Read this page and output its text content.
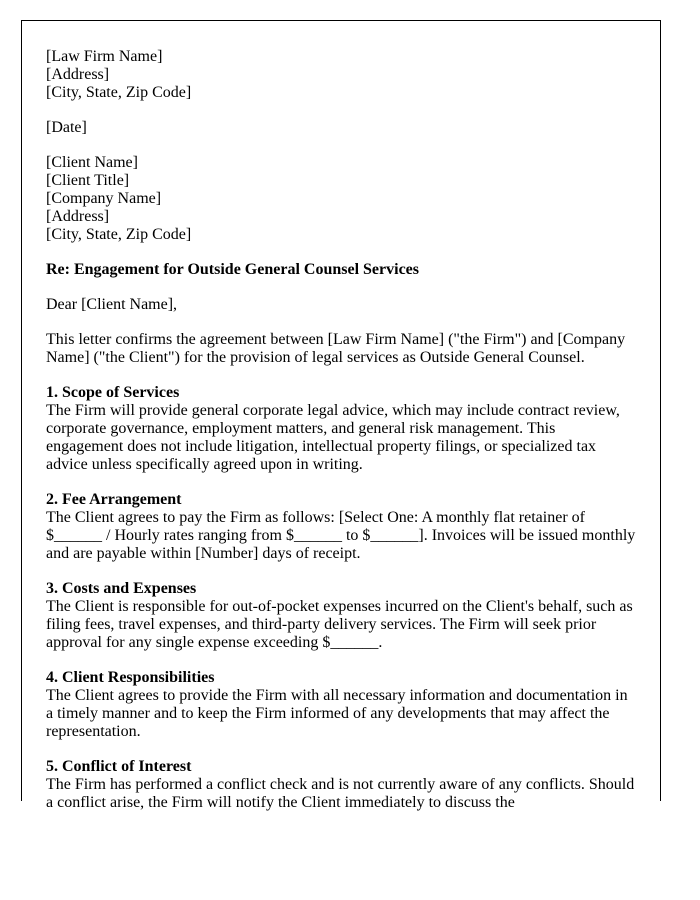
[Law Firm Name]
[Address]
[City, State, Zip Code]
[Date]
[Client Name]
[Client Title]
[Company Name]
[Address]
[City, State, Zip Code]

Re: Engagement for Outside General Counsel Services

Dear [Client Name],

This letter confirms the agreement between [Law Firm Name] ("the Firm") and [Company Name] ("the Client") for the provision of legal services as Outside General Counsel.

1. Scope of Services

The Firm will provide general corporate legal advice, which may include contract review, corporate governance, employment matters, and general risk management. This engagement does not include litigation, intellectual property filings, or specialized tax advice unless specifically agreed upon in writing.

2. Fee Arrangement

The Client agrees to pay the Firm as follows: [Select One: A monthly flat retainer of $______ / Hourly rates ranging from $______ to $______]. Invoices will be issued monthly and are payable within [Number] days of receipt.

3. Costs and Expenses

The Client is responsible for out-of-pocket expenses incurred on the Client's behalf, such as filing fees, travel expenses, and third-party delivery services. The Firm will seek prior approval for any single expense exceeding $______.

4. Client Responsibilities

The Client agrees to provide the Firm with all necessary information and documentation in a timely manner and to keep the Firm informed of any developments that may affect the representation.

5. Conflict of Interest

The Firm has performed a conflict check and is not currently aware of any conflicts. Should a conflict arise, the Firm will notify the Client immediately to discuss the
